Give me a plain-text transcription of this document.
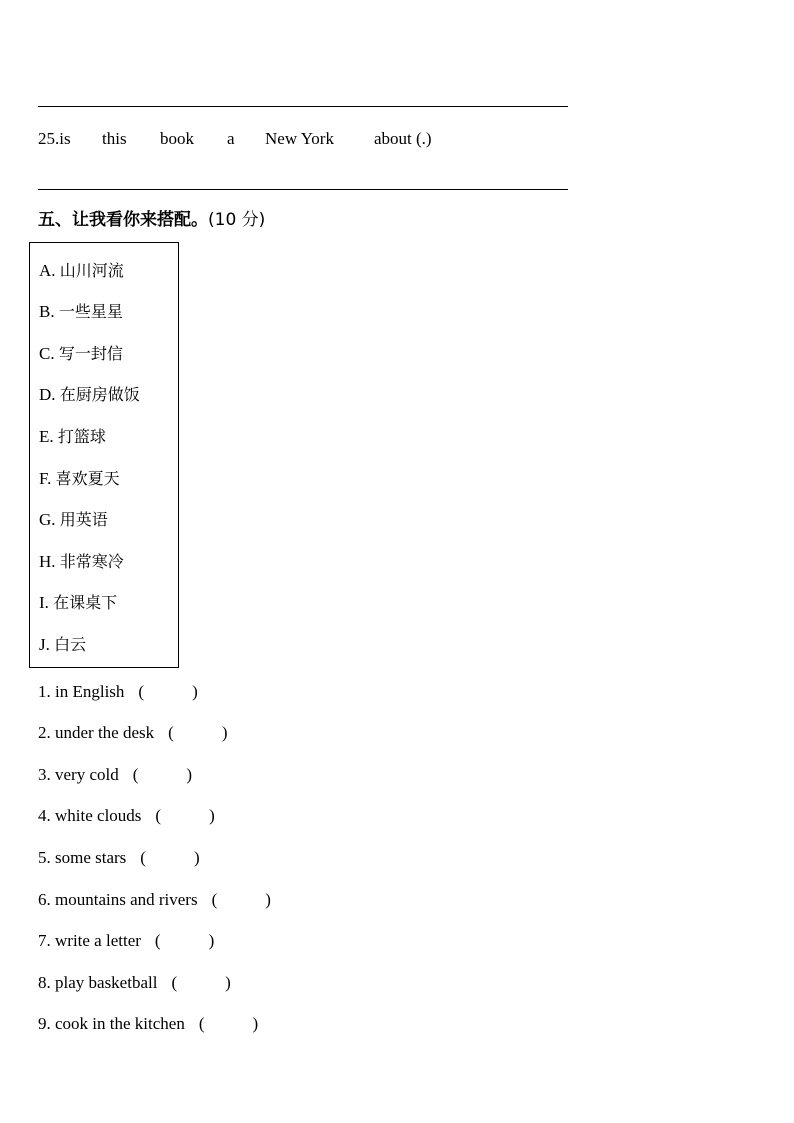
25.is this book a New York about (.)
五、让我看你来搭配。(10 分)
A. 山川河流
B. 一些星星
C. 写一封信
D. 在厨房做饭
E. 打篮球
F. 喜欢夏天
G. 用英语
H. 非常寒冷
I. 在课桌下
J. 白云
1. in English (	)
2. under the desk (	)
3. very cold (	)
4. white clouds (	)
5. some stars (	)
6. mountains and rivers (	)
7. write a letter (	)
8. play basketball (	)
9. cook in the kitchen (	)
